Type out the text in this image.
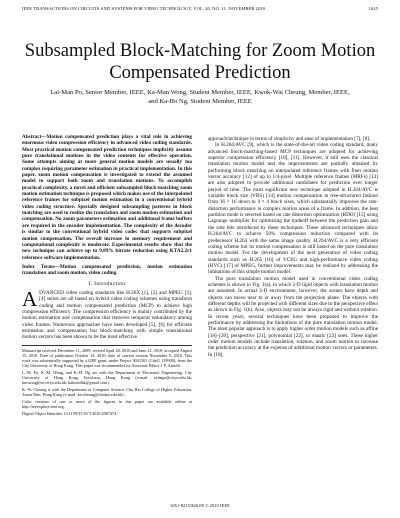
IEEE TRANSACTIONS ON CIRCUITS AND SYSTEMS FOR VIDEO TECHNOLOGY, VOL. 20, NO. 11, NOVEMBER 2010	1625
Subsampled Block-Matching for Zoom Motion Compensated Prediction
Lai-Man Po, Senior Member, IEEE, Ka-Man Wong, Student Member, IEEE, Kwok-Wai Cheung, Member, IEEE,
and Ka-Ho Ng, Student Member, IEEE

Abstract—Motion compensated prediction plays a vital role in achieving enormous video compression efficiency in advanced video coding standards. Most practical motion compensated prediction techniques implicitly assume pure translational motions in the video contents for effective operation. Some attempts aiming at more general motion models are usually too complex requiring parameter estimation in practical implementation. In this paper, zoom motion compensation is investigated to extend the assumed model to support both zoom and translation motions. To accomplish practical complexity, a novel and efficient subsampled block-matching zoom motion estimation technique is proposed which makes use of the interpolated reference frames for subpixel motion estimation in a conventional hybrid video coding structure. Specially designed subsampling patterns in block matching are used to realize the translation and zoom motion estimation and compensation. No zoom parameters estimation and additional frame buffers are required in the encoder implementation. The complexity of the decoder is similar to the conventional hybrid video codec that supports subpixel motion compensation. The overall increase in memory requirement and computational complexity is moderate. Experimental results show that the new technique can achieve up to 9.89% bitrate reduction using KTA2.2r1 reference software implementation.

Index Terms—Motion compensated prediction, motion estimation translation and zoom motion, video coding.

I. Introduction
A DVANCED video coding standards like H.26X [1], [2] and MPEG [3], [4] series are all based on hybrid video coding schemes using transform coding and motion compensated prediction (MCP) to achieve high compression efficiency. The compression efficiency is mainly contributed by the motion estimation and compensation that removes temporal redundancy among video frames. Numerous approaches have been developed [5], [6] for efficient estimation and compensation but block-matching with simple translational motion vectors has been shown to be the most effective

Manuscript received December 11, 2009; revised April 28, 2010 and June 21, 2010; accepted August 15, 2010. Date of publication October 14, 2010; date of current version November 5, 2010. This work was substantially supported by a GRF grant, under Project 9041501 (CityU 119909), from the City University of Hong Kong. This paper was recommended by Associate Editor J. F. Arnold.

L.-M. Po, K.-M. Wong, and K.-H. Ng are with the Department of Electronic Engineering, City University of Hong Kong, Kowloon, Hong Kong (e-mail: eelmpo@cityu.edu.hk; kmwong@ee.cityu.edu.hk; kahoeidhk@gmail.com).

K.-W. Cheung is with the Department of Computer Science, Chu Hai College of Higher Education, Tsuen Wan, Hong Kong (e-mail: kwcheung@chuhai.edu.hk).

Color versions of one or more of the figures in this paper are available online at http://ieeexplore.ieee.org.

Digital Object Identifier 10.1109/TCSVT.2010.2087474

approach/technique in terms of simplicity and ease of implementation [7], [8].

In H.264/AVC [9], which is the state-of-the-art video coding standard, many advanced block-matching-based MCP techniques are adopted for achieving superior compression efficiency [10], [11]. However, it still uses the classical translation motion model and the improvements are partially obtained by performing block matching on interpolated reference frames with finer motion vector accuracy [12] of up to 1/4-pixel. Multiple reference frames (MRFs) [13] are also adopted to provide additional candidates for prediction over longer period of time. The most significant new technique adopted in H.264/AVC is variable block size (VBS) [14] motion compensation in tree-structured fashion from 16 × 16 down to 4 × 4 block sizes, which substantially improves the rate-distortion performance in complex motion areas of a frame. In addition, the best partition mode is selected based on rate distortion optimization (RDO) [15] using Lagrange multiplier for optimizing the tradeoff between the prediction gain and the side bits introduced by these techniques. These advanced techniques allow H.264/AVC to achieve 50% compression reduction compared with its predecessor H.263 with the same image quality. H.264/AVC is a very efficient coding scheme but its motion compensation is still based on the pure translation motion model. For the development of the next generation of video coding standards such as H.265 [16] of VCEG and high-performance video coding (HVC) [17] of MPEG, further improvements may be realized by addressing the limitations of this simple motion model.

The pure translation motion model used in conventional video coding schemes is shown in Fig. 1(a), in which 2-D rigid objects with translation motion are assumed. In actual 3-D environment, however, the scenes have depth and objects can move near to or away from the projection plane. The objects with different depths will be projected with different sizes due to the perspective effect as shown in Fig. 1(b). Also, objects may not be always rigid and without rotation. In recent years, several techniques have been proposed to improve the performance by addressing the limitations of the pure translation motion model. The most popular approach is to apply higher order motion models such as affine [18]–[20], perspective [21], polynomial [22], or elastic [23] ones. These higher order motion models include translation, rotation, and zoom motion to increase the prediction accuracy at the expense of additional motion vectors or parameters. In [18],

1051-8215/$26.00 © 2010 IEEE
